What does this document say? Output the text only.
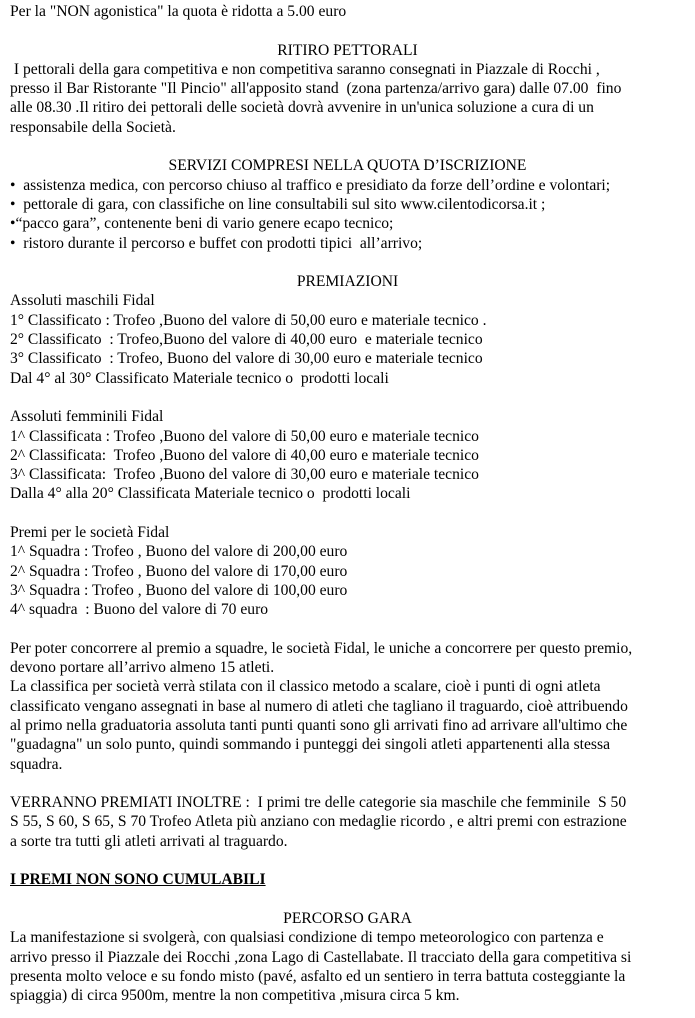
Per la "NON agonistica" la quota è ridotta a 5.00 euro
RITIRO PETTORALI
I pettorali della gara competitiva e non competitiva saranno consegnati in Piazzale di Rocchi ,
presso il Bar Ristorante "Il Pincio" all'apposito stand  (zona partenza/arrivo gara) dalle 07.00  fino
alle 08.30 .Il ritiro dei pettorali delle società dovrà avvenire in un'unica soluzione a cura di un
responsabile della Società.
SERVIZI COMPRESI NELLA QUOTA D’ISCRIZIONE
•  assistenza medica, con percorso chiuso al traffico e presidiato da forze dell’ordine e volontari;
•  pettorale di gara, con classifiche on line consultabili sul sito www.cilentodicorsa.it ;
•“pacco gara”, contenente beni di vario genere ecapo tecnico;
•  ristoro durante il percorso e buffet con prodotti tipici  all’arrivo;
PREMIAZIONI
Assoluti maschili Fidal
1° Classificato : Trofeo ,Buono del valore di 50,00 euro e materiale tecnico .
2° Classificato  : Trofeo,Buono del valore di 40,00 euro  e materiale tecnico
3° Classificato  : Trofeo, Buono del valore di 30,00 euro e materiale tecnico
Dal 4° al 30° Classificato Materiale tecnico o  prodotti locali
Assoluti femminili Fidal
1^ Classificata : Trofeo ,Buono del valore di 50,00 euro e materiale tecnico
2^ Classificata:  Trofeo ,Buono del valore di 40,00 euro e materiale tecnico
3^ Classificata:  Trofeo ,Buono del valore di 30,00 euro e materiale tecnico
Dalla 4° alla 20° Classificata Materiale tecnico o  prodotti locali
Premi per le società Fidal
1^ Squadra : Trofeo , Buono del valore di 200,00 euro
2^ Squadra : Trofeo , Buono del valore di 170,00 euro
3^ Squadra : Trofeo , Buono del valore di 100,00 euro
4^ squadra  : Buono del valore di 70 euro
Per poter concorrere al premio a squadre, le società Fidal, le uniche a concorrere per questo premio,
devono portare all’arrivo almeno 15 atleti.
La classifica per società verrà stilata con il classico metodo a scalare, cioè i punti di ogni atleta
classificato vengano assegnati in base al numero di atleti che tagliano il traguardo, cioè attribuendo
al primo nella graduatoria assoluta tanti punti quanti sono gli arrivati fino ad arrivare all'ultimo che
"guadagna" un solo punto, quindi sommando i punteggi dei singoli atleti appartenenti alla stessa
squadra.
VERRANNO PREMIATI INOLTRE :  I primi tre delle categorie sia maschile che femminile  S 50
S 55, S 60, S 65, S 70 Trofeo Atleta più anziano con medaglie ricordo , e altri premi con estrazione
a sorte tra tutti gli atleti arrivati al traguardo.
I PREMI NON SONO CUMULABILI
PERCORSO GARA
La manifestazione si svolgerà, con qualsiasi condizione di tempo meteorologico con partenza e
arrivo presso il Piazzale dei Rocchi ,zona Lago di Castellabate. Il tracciato della gara competitiva si
presenta molto veloce e su fondo misto (pavé, asfalto ed un sentiero in terra battuta costeggiante la
spiaggia) di circa 9500m, mentre la non competitiva ,misura circa 5 km.
